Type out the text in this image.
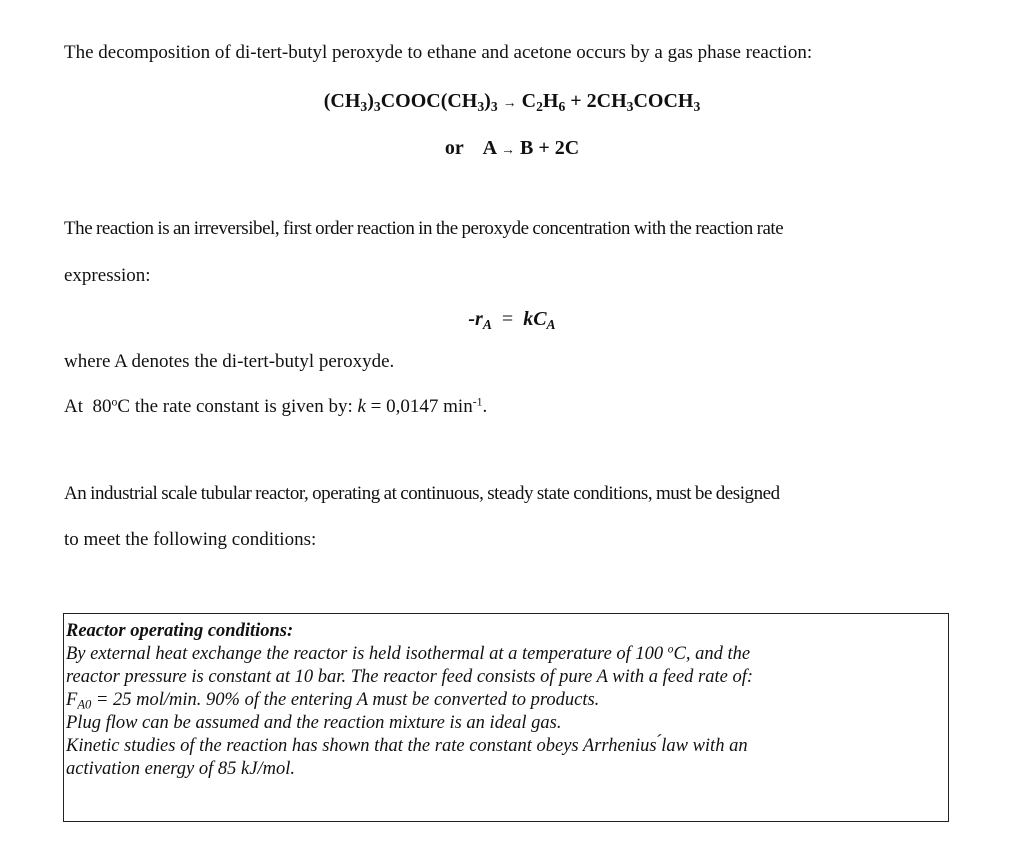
The decomposition of di-tert-butyl peroxyde to ethane and acetone occurs by a gas phase reaction:
$(CH_3)_3COOC(CH_3)_3 \to C_2H_6$ + $2CH_3COCH_3$
or A → B + 2C
The reaction is an irreversibel, first order reaction in the peroxyde concentration with the reaction rate
expression:
$-r_A = kC_A$
where A denotes the di-tert-butyl peroxyde.
At  80$^o$C the rate constant is given by: k = 0,0147 $\min^{-1}$.
An industrial scale tubular reactor, operating at continuous, steady state conditions, must be designed
to meet the following conditions:
Reactor operating conditions:
By external heat exchange the reactor is held isothermal at a temperature of 100 $^o$C, and the
reactor pressure is constant at 10 bar. The reactor feed consists of pure A with a feed rate of:
$F_{A0} = 25$ mol/min. 90% of the entering A must be converted to products.
Plug flow can be assumed and the reaction mixture is an ideal gas.
Kinetic studies of the reaction has shown that the rate constant obeys Arrhenius ́law with an
activation energy of 85 kJ/mol.
